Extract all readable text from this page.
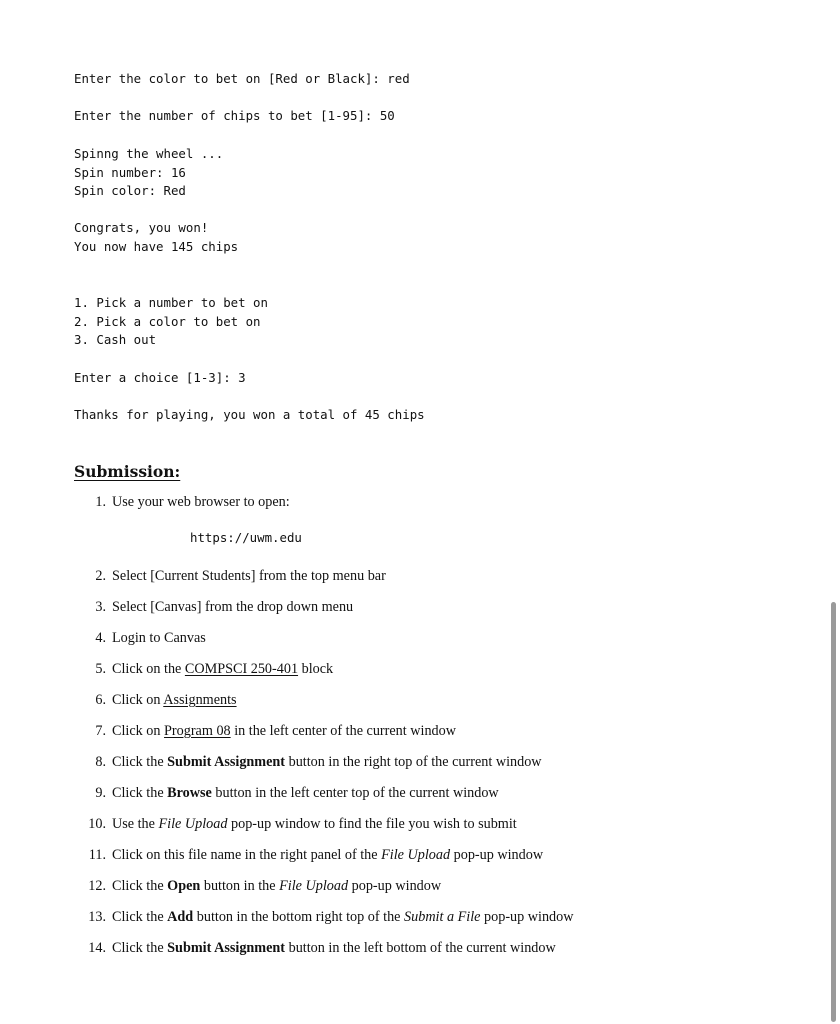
Enter the color to bet on [Red or Black]: red
Enter the number of chips to bet [1-95]: 50
Spinng the wheel ...
Spin number: 16
Spin color: Red
Congrats, you won!
You now have 145 chips
1. Pick a number to bet on
2. Pick a color to bet on
3. Cash out
Enter a choice [1-3]: 3
Thanks for playing, you won a total of 45 chips
Submission:
1. Use your web browser to open:
2. Select [Current Students] from the top menu bar
3. Select [Canvas] from the drop down menu
4. Login to Canvas
5. Click on the COMPSCI 250-401 block
6. Click on Assignments
7. Click on Program 08 in the left center of the current window
8. Click the Submit Assignment button in the right top of the current window
9. Click the Browse button in the left center top of the current window
10. Use the File Upload pop-up window to find the file you wish to submit
11. Click on this file name in the right panel of the File Upload pop-up window
12. Click the Open button in the File Upload pop-up window
13. Click the Add button in the bottom right top of the Submit a File pop-up window
14. Click the Submit Assignment button in the left bottom of the current window
https://uwm.edu
